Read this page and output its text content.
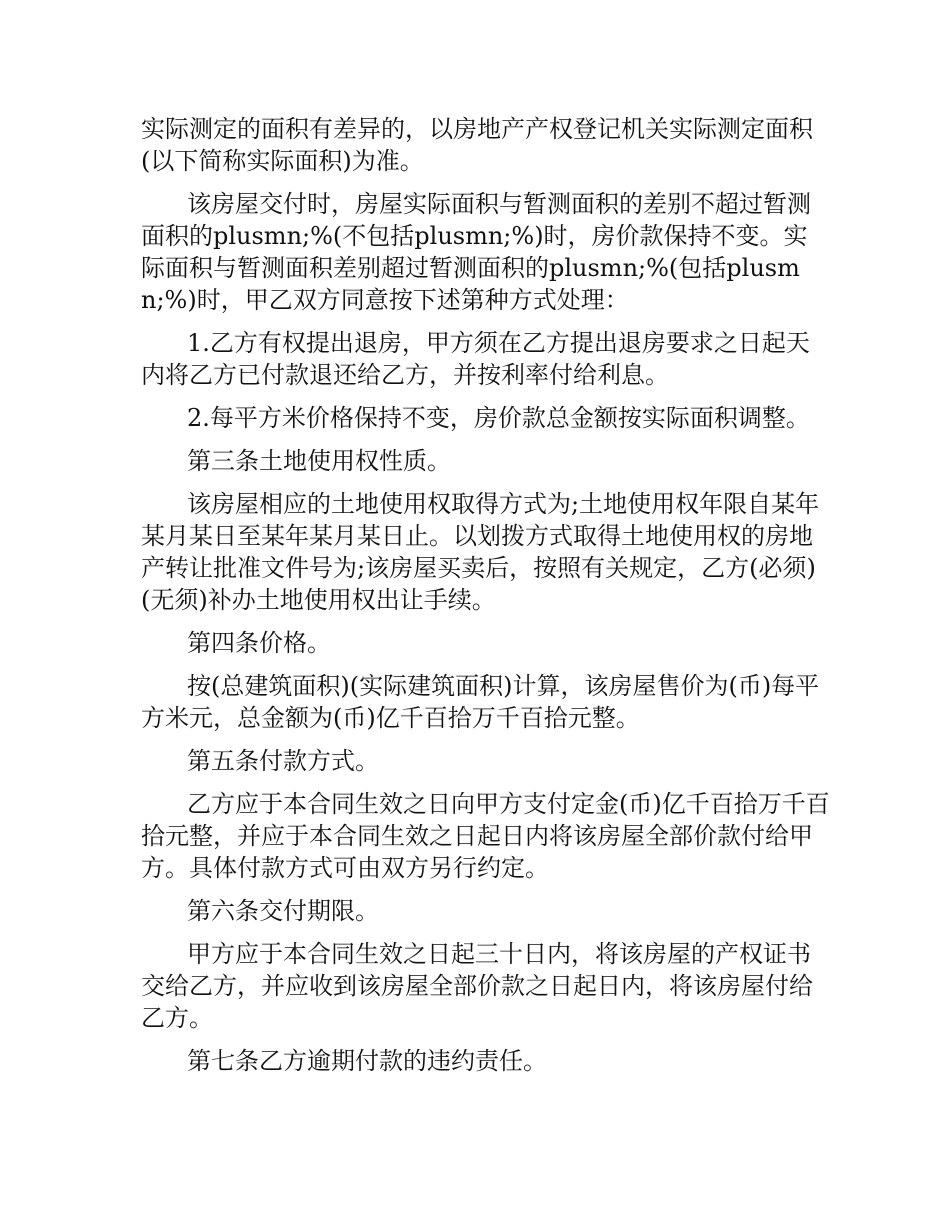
实际测定的面积有差异的，以房地产产权登记机关实际测定面积(以下简称实际面积)为准。

该房屋交付时，房屋实际面积与暂测面积的差别不超过暂测面积的plusmn;%(不包括plusmn;%)时，房价款保持不变。实际面积与暂测面积差别超过暂测面积的plusmn;%(包括plusmn;%)时，甲乙双方同意按下述第种方式处理：

1.乙方有权提出退房，甲方须在乙方提出退房要求之日起天内将乙方已付款退还给乙方，并按利率付给利息。

2.每平方米价格保持不变，房价款总金额按实际面积调整。

第三条土地使用权性质。

该房屋相应的土地使用权取得方式为;土地使用权年限自某年某月某日至某年某月某日止。以划拨方式取得土地使用权的房地产转让批准文件号为;该房屋买卖后，按照有关规定，乙方(必须)(无须)补办土地使用权出让手续。

第四条价格。

按(总建筑面积)(实际建筑面积)计算，该房屋售价为(币)每平方米元，总金额为(币)亿千百拾万千百拾元整。

第五条付款方式。

乙方应于本合同生效之日向甲方支付定金(币)亿千百拾万千百拾元整，并应于本合同生效之日起日内将该房屋全部价款付给甲方。具体付款方式可由双方另行约定。

第六条交付期限。

甲方应于本合同生效之日起三十日内，将该房屋的产权证书交给乙方，并应收到该房屋全部价款之日起日内，将该房屋付给乙方。

第七条乙方逾期付款的违约责任。
